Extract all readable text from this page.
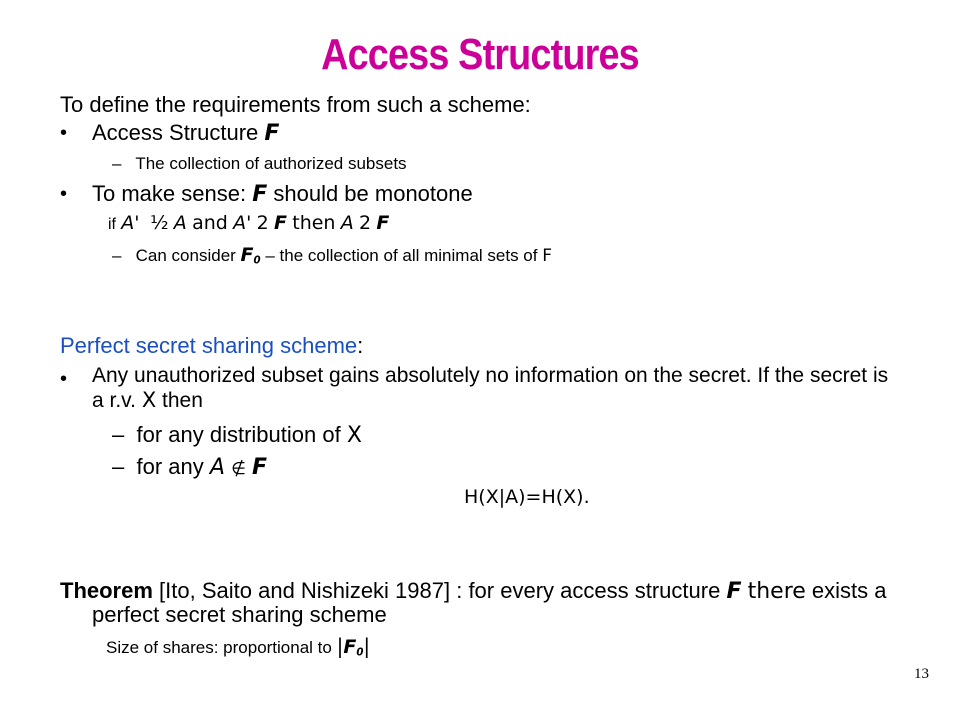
Access Structures
To define the requirements from such a scheme:
• Access Structure F
– The collection of authorized subsets
• To make sense: F should be monotone
if A' ½ A and A' 2 F then A 2 F
– Can consider $F_0$ – the collection of all minimal sets of F
Perfect secret sharing scheme:
• Any unauthorized subset gains absolutely no information on the secret. If the secret is
a r.v. X then
– for any distribution of X
– for any A ∉ F
H(X|A)=H(X).
Theorem [Ito, Saito and Nishizeki 1987] : for every access structure F there exists a
perfect secret sharing scheme
Size of shares: proportional to $|F_0|$
13
